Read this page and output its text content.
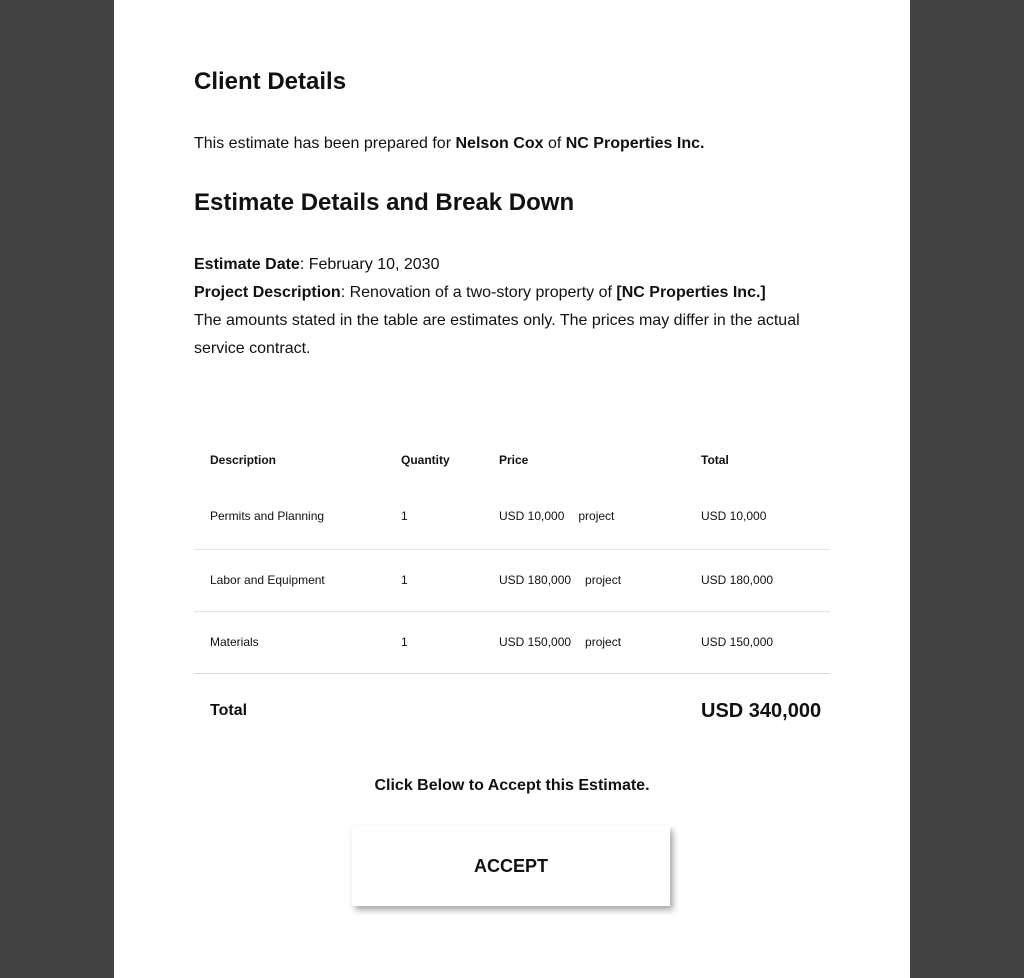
Client Details
This estimate has been prepared for Nelson Cox of NC Properties Inc.
Estimate Details and Break Down
Estimate Date: February 10, 2030
Project Description: Renovation of a two-story property of [NC Properties Inc.]
The amounts stated in the table are estimates only. The prices may differ in the actual service contract.
Description	Quantity	Price	Total
Permits and Planning	1	USD 10,000 project	USD 10,000
Labor and Equipment	1	USD 180,000 project	USD 180,000
Materials	1	USD 150,000 project	USD 150,000
Total	USD 340,000
Click Below to Accept this Estimate.
ACCEPT
